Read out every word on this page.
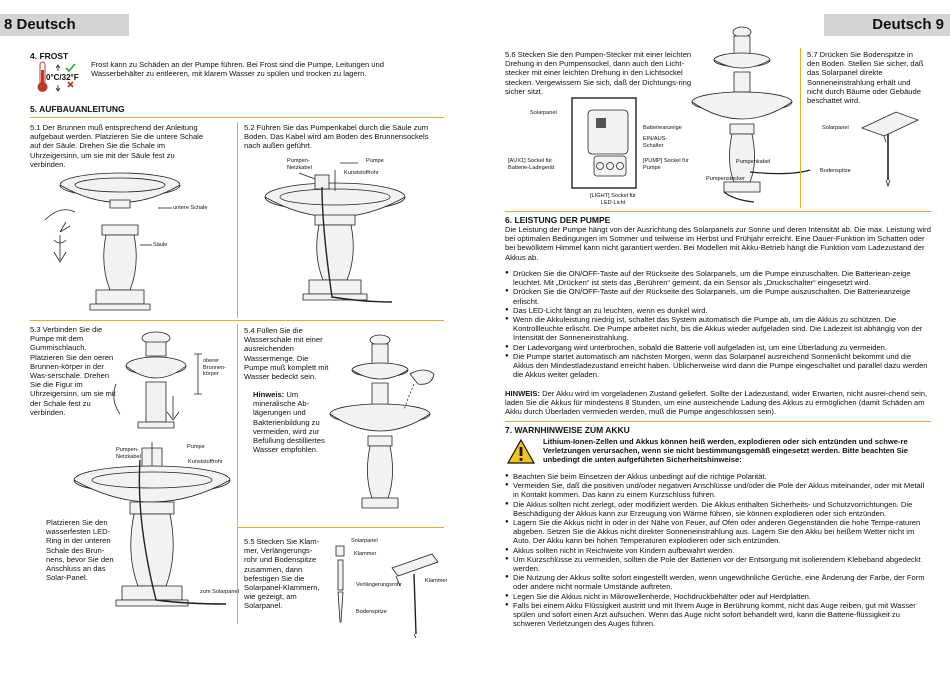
8 Deutsch	Deutsch 9
4. FROST
0°C/32°F
Frost kann zu Schäden an der Pumpe führen. Bei Frost sind die Pumpe, Leitungen und Wasserbehälter zu entleeren, mit klarem Wasser zu spülen und trocken zu lagern.
5. AUFBAUANLEITUNG
5.1 Der Brunnen muß entsprechend der Anleitung aufgebaut werden. Platzieren Sie die untere Schale auf der Säule. Drehen Sie die Schale im Uhrzeigersinn, um sie mit der Säule fest zu verbinden.
untere Schale
Säule
5.2 Führen Sie das Pumpenkabel durch die Säule zum Boden. Das Kabel wird am Boden des Brunnensockels nach außen geführt.
Pumpen- Netzkabel
Pumpe
Kunststoffrohr
5.3 Verbinden Sie die Pumpe mit dem Gummischlauch. Platzieren Sie den oeren Brunnen-körper in der Was-serschale. Drehen Sie die Figur im Uhrzeigersinn, um sie mit der Schale fest zu verbinden.
oberer Brunnen-körper
Pumpen- Netzkabel
Pumpe
Kunststoffrohr
Platzieren Sie den wasserfesten LED-Ring in der unteren Schale des Brun-nens, bevor Sie den Anschluss an das Solar-Panel.
zum Solarpanel
5.4 Füllen Sie die Wasserschale mit einer ausreichenden Wassermenge. Die Pumpe muß komplett mit Wasser bedeckt sein.
Hinweis: Um mineralische Ab-lägerungen und Bakterienbildung zu vermeiden, wird zur Befüllung destilliertes Wasser empfohlen.
5.5 Stecken Sie Klam-mer, Verlängerungs-rohr und Bodenspitze zusammen, dann befestigen Sie die Solarpanel-Klammern, wie gezeigt, am Solarpanel.
Solarpanel
Klammer
Verlängerungsrohr
Bodenspitze
Klammer
5.6 Stecken Sie den Pumpen-Stecker mit einer leichten Drehung in den Pumpensockel, dann auch den Licht-stecker mit einer leichten Drehung in den Lichtsockel stecken. Vergewissern Sie sich, daß der Dichtungs-ring sicher sitzt.
Solarpanel
Batterieanzeige
EIN/AUS-Schalter
[AUX1] Sockel für Batterie-Ladegerät
[PUMP] Sockel für Pumpe
[LIGHT] Sockel für LED-Licht
Pumpenkabel
Pumpenstecker
5.7 Drücken Sie Bodenspitze in den Boden. Stellen Sie sicher, daß das Solarpanel direkte Sonneneinstrahlung erhält und nicht durch Bäume oder Gebäude beschattet wird.
Solarpanel
Bodenspitze
6. LEISTUNG DER PUMPE
Die Leistung der Pumpe hängt von der Ausrichtung des Solarpanels zur Sonne und deren Intensität ab. Die max. Leistung wird bei optimalen Bedingungen im Sommer und teilweise im Herbst und Frühjahr erreicht. Eine Dauer-Funktion im Schatten oder bei bewölktem Himmel kann nicht garantiert werden. Bei Modellen mit Akku-Betrieb hängt die Funktion vom Ladezustand der Akkus ab.
● Drücken Sie die ON/OFF-Taste auf der Rückseite des Solarpanels, um die Pumpe einzuschalten. Die Batteriean-zeige leuchtet. Mit „Drücken“ ist stets das „Berühren“ gemeint, da ein Sensor als „Druckschalter“ eingesetzt wird.
● Drücken Sie die ON/OFF-Taste auf der Rückseite des Solarpanels, um die Pumpe auszuschalten. Die Batterieanzeige erlischt.
● Das LED-Licht fängt an zu leuchten, wenn es dunkel wird.
● Wenn die Akkuleistung niedrig ist, schaltet das System automatisch die Pumpe ab, um die Akkus zu schützen. Die Kontrollleuchte erlischt. Die Pumpe arbeitet nicht, bis die Akkus wieder aufgeladen sind. Die Ladezeit ist abhängig von der Intensität der Sonneneinstrahlung.
● Der Ladevorgang wird unterbrochen, sobald die Batterie voll aufgeladen ist, um eine Überladung zu vermeiden.
● Die Pumpe startet automatisch am nächsten Morgen, wenn das Solarpanel ausreichend Sonnenlicht bekommt und die Akkus den Mindestladezustand erreicht haben. Üblicherweise wird dann die Pumpe eingeschaltet und parallel dazu werden die Akkus weiter geladen.
HINWEIS: Der Akku wird im vorgeladenen Zustand geliefert. Sollte der Ladezustand, wider Erwarten, nicht ausrei-chend sein, laden Sie die Akkus für mindestens 8 Stunden, um eine ausreichende Ladung des Akkus zu ermöglichen (damit Schäden am Akku durch Überladen vermieden werden, muß die Pumpe angeschlossen sein).
7. WARNHINWEISE ZUM AKKU
Lithium-Ionen-Zellen und Akkus können heiß werden, explodieren oder sich entzünden und schwe-re Verletzungen verursachen, wenn sie nicht bestimmungsgemäß eingesetzt werden. Bitte beachten Sie unbedingt die unten aufgeführten Sicherheitshinweise:
● Beachten Sie beim Einsetzen der Akkus unbedingt auf die richtige Polarität.
● Vermeiden Sie, daß die positiven und/oder negativen Anschlüsse und/oder die Pole der Akkus miteinander, oder mit Metall in Kontakt kommen. Das kann zu einem Kurzschluss führen.
● Die Akkus sollten nicht zerlegt, oder modifiziert werden. Die Akkus enthalten Sicherheits- und Schutzvorrichtungen. Die Beschädigung der Akkus kann zur Erzeugung von Wärme führen, sie können explodieren oder sich entzünden.
● Lagern Sie die Akkus nicht in oder in der Nähe von Feuer, auf Ofen oder anderen Gegenständen die hohe Tempe-raturen abgeben. Setzen Sie die Akkus nicht direkter Sonneneinstrahlung aus. Lagern Sie den Akku bei heißem Wetter nicht im Auto. Der Akku kann bei hohen Temperaturen explodieren oder sich entzünden.
● Akkus sollten nicht in Reichweite von Kindern aufbewahrt werden.
● Um Kurzschlüsse zu vermeiden, sollten die Pole der Batterien vor der Entsorgung mit isolierendem Klebeband abgedeckt werden.
● Die Nutzung der Akkus sollte sofort eingestellt werden, wenn ungewöhnliche Gerüche, eine Änderung der Farbe, der Form oder andere nicht normale Umstände auftreten.
● Legen Sie die Akkus nicht in Mikrowellenherde, Hochdruckbehälter oder auf Herdplatten.
● Falls bei einem Akku Flüssigkeit austritt und mit Ihrem Auge in Berührung kommt, nicht das Auge reiben, gut mit Wasser spülen und sofort einen Arzt aufsuchen. Wenn das Auge nicht sofort behandelt wird, kann die Batterie-flüssigkeit zu schweren Verletzungen des Auges führen.
